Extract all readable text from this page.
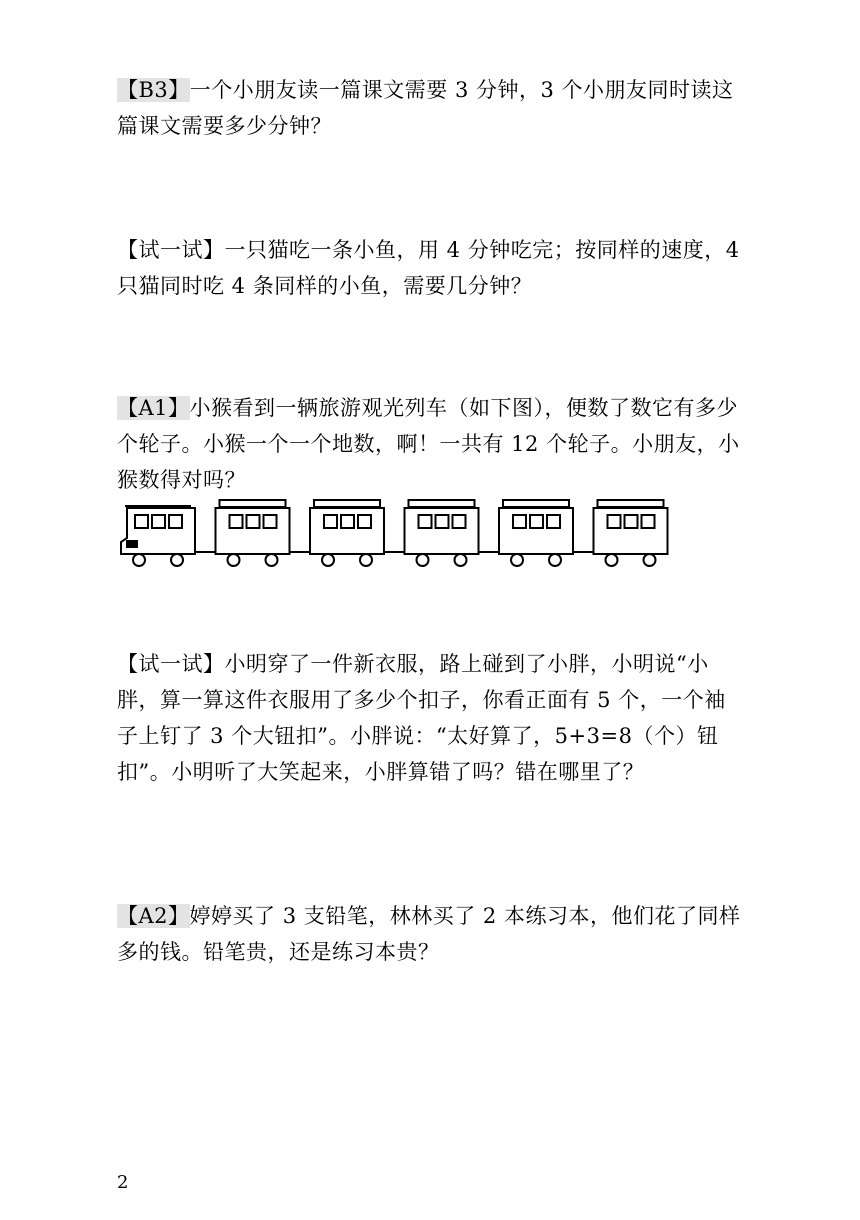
【B3】一个小朋友读一篇课文需要 3 分钟，3 个小朋友同时读这篇课文需要多少分钟？
【试一试】一只猫吃一条小鱼，用 4 分钟吃完；按同样的速度，4 只猫同时吃 4 条同样的小鱼，需要几分钟？
【A1】小猴看到一辆旅游观光列车（如下图），便数了数它有多少个轮子。小猴一个一个地数，啊！一共有 12 个轮子。小朋友，小猴数得对吗？
【试一试】小明穿了一件新衣服，路上碰到了小胖，小明说“小胖，算一算这件衣服用了多少个扣子，你看正面有 5 个，一个袖子上钉了 3 个大钮扣”。小胖说：“太好算了，5+3=8（个）钮扣”。小明听了大笑起来，小胖算错了吗？错在哪里了？
【A2】婷婷买了 3 支铅笔，林林买了 2 本练习本，他们花了同样多的钱。铅笔贵，还是练习本贵？
2
